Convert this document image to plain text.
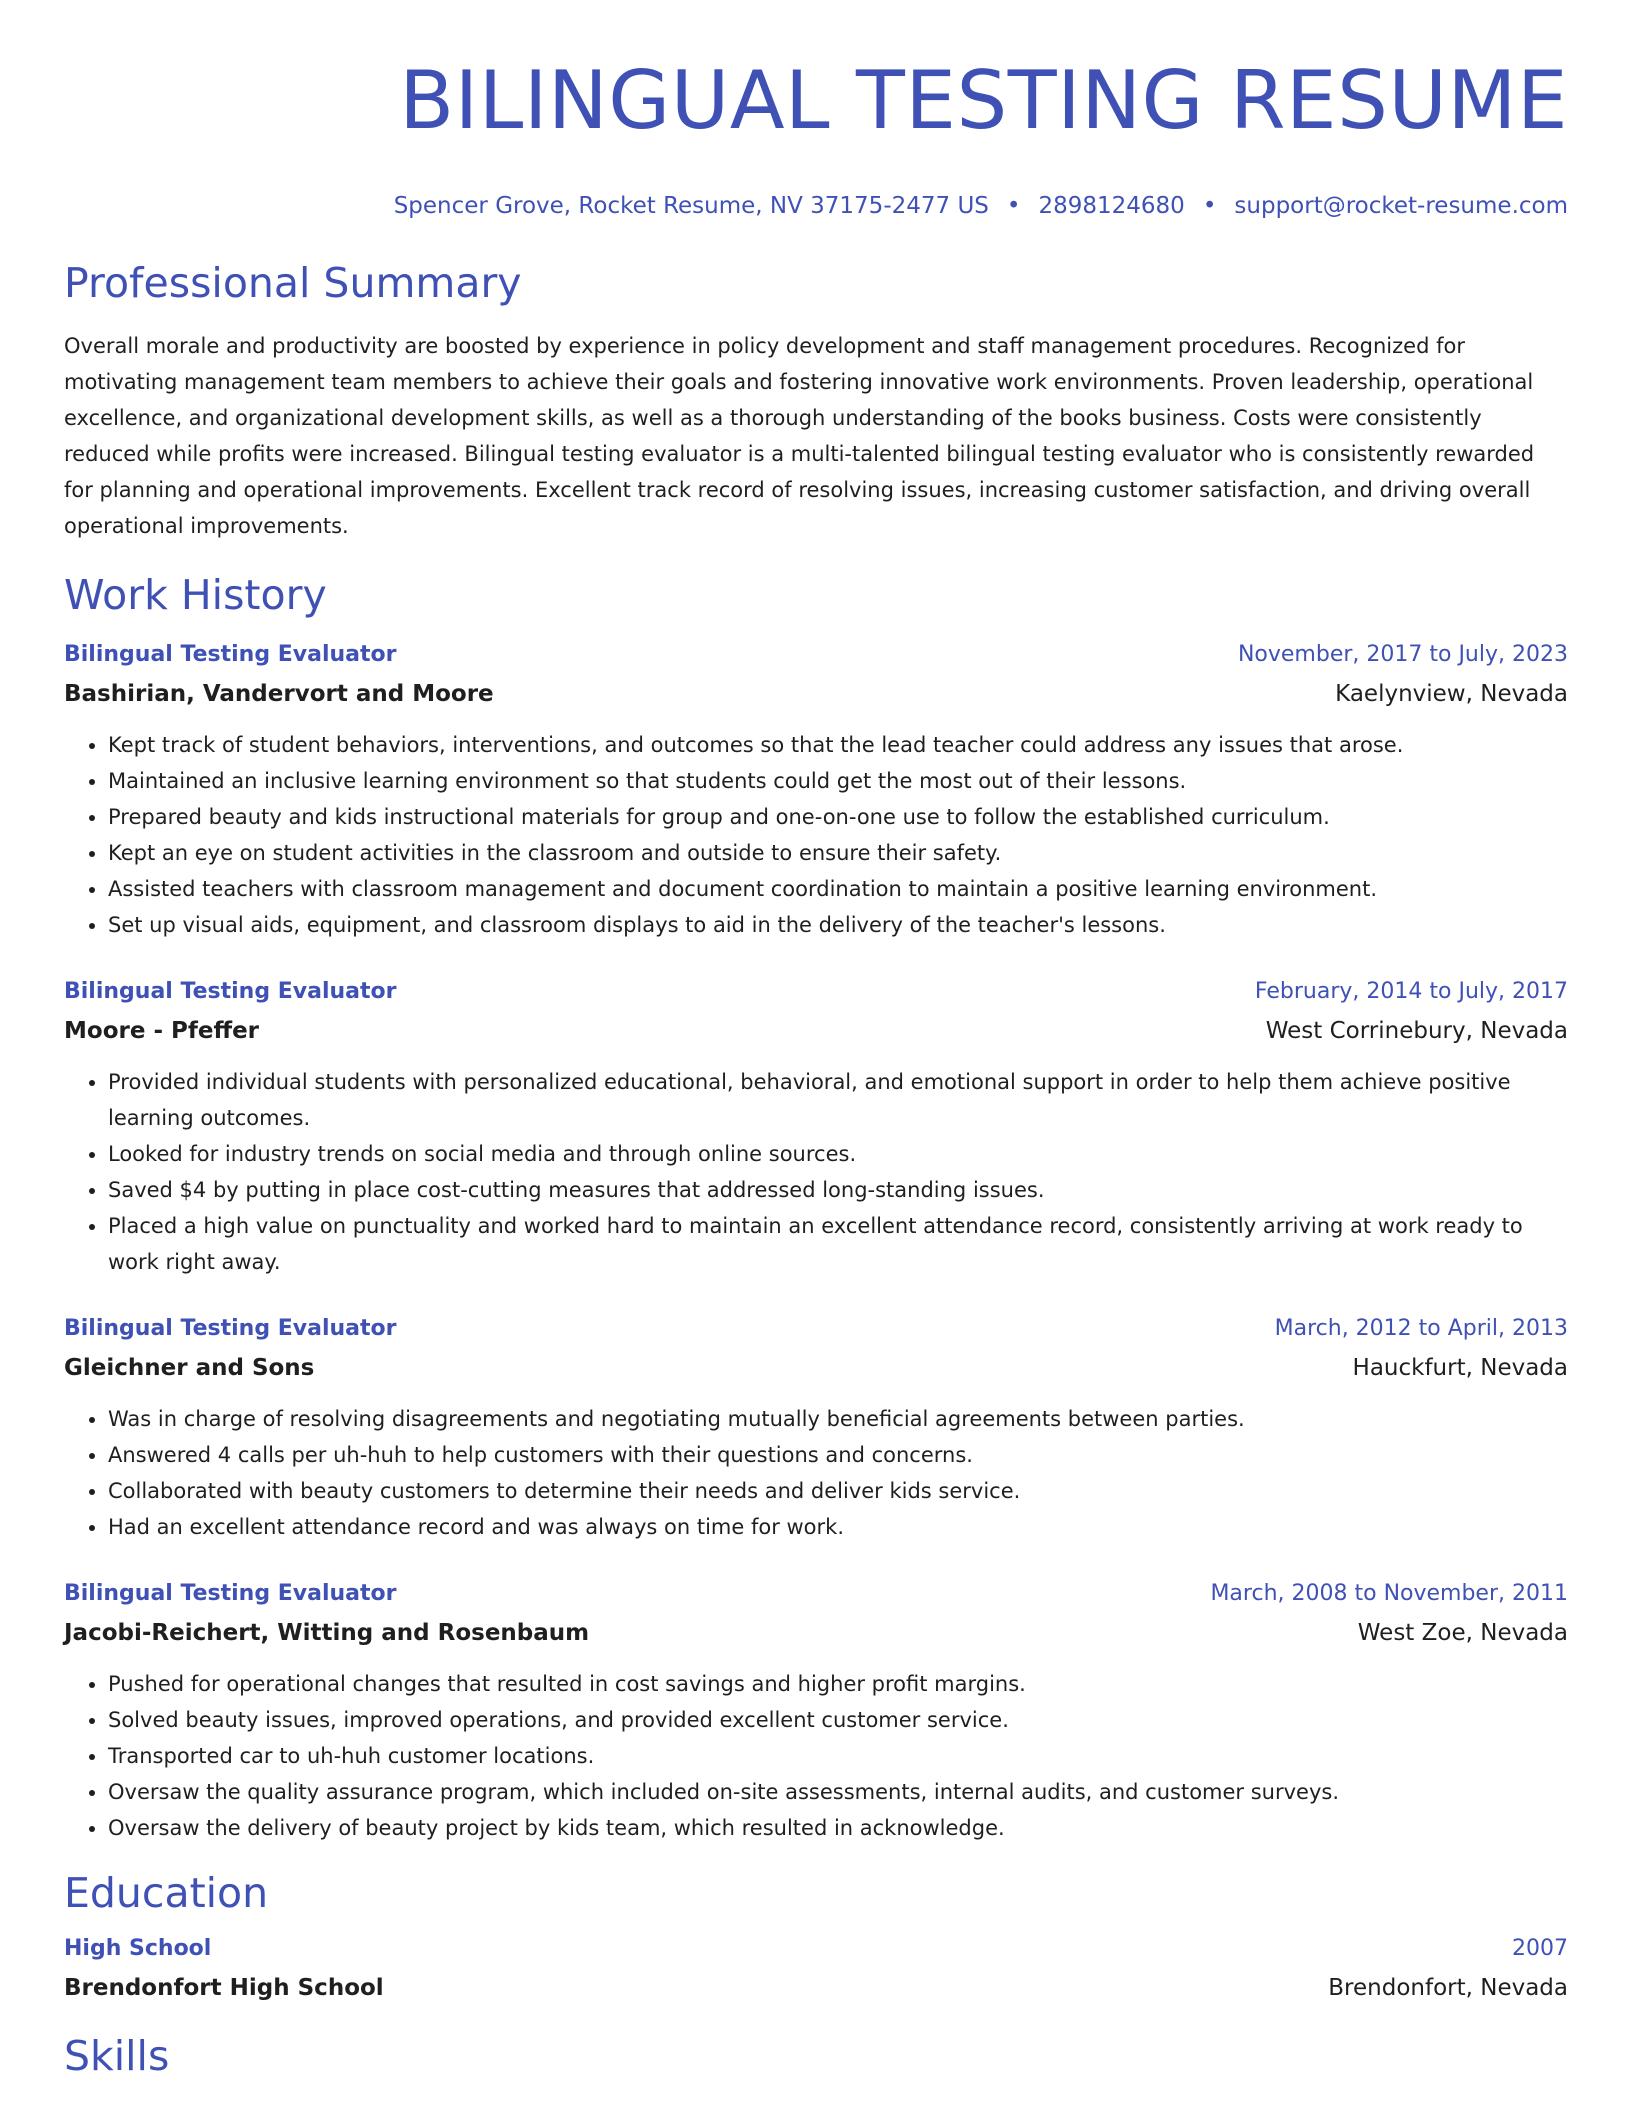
BILINGUAL TESTING RESUME
Spencer Grove, Rocket Resume, NV 37175-2477 US • 2898124680 • support@rocket-resume.com
Professional Summary

Overall morale and productivity are boosted by experience in policy development and staff management procedures. Recognized for motivating management team members to achieve their goals and fostering innovative work environments. Proven leadership, operational excellence, and organizational development skills, as well as a thorough understanding of the books business. Costs were consistently reduced while profits were increased. Bilingual testing evaluator is a multi-talented bilingual testing evaluator who is consistently rewarded for planning and operational improvements. Excellent track record of resolving issues, increasing customer satisfaction, and driving overall operational improvements.

Work History
Bilingual Testing Evaluator	November, 2017 to July, 2023
Bashirian, Vandervort and Moore	Kaelynview, Nevada
• Kept track of student behaviors, interventions, and outcomes so that the lead teacher could address any issues that arose.
• Maintained an inclusive learning environment so that students could get the most out of their lessons.
• Prepared beauty and kids instructional materials for group and one-on-one use to follow the established curriculum.
• Kept an eye on student activities in the classroom and outside to ensure their safety.
• Assisted teachers with classroom management and document coordination to maintain a positive learning environment.
• Set up visual aids, equipment, and classroom displays to aid in the delivery of the teacher's lessons.
Bilingual Testing Evaluator	February, 2014 to July, 2017
Moore - Pfeffer	West Corrinebury, Nevada
• Provided individual students with personalized educational, behavioral, and emotional support in order to help them achieve positive learning outcomes.
• Looked for industry trends on social media and through online sources.
• Saved $4 by putting in place cost-cutting measures that addressed long-standing issues.
• Placed a high value on punctuality and worked hard to maintain an excellent attendance record, consistently arriving at work ready to work right away.
Bilingual Testing Evaluator	March, 2012 to April, 2013
Gleichner and Sons	Hauckfurt, Nevada
• Was in charge of resolving disagreements and negotiating mutually beneficial agreements between parties.
• Answered 4 calls per uh-huh to help customers with their questions and concerns.
• Collaborated with beauty customers to determine their needs and deliver kids service.
• Had an excellent attendance record and was always on time for work.
Bilingual Testing Evaluator	March, 2008 to November, 2011
Jacobi-Reichert, Witting and Rosenbaum	West Zoe, Nevada
• Pushed for operational changes that resulted in cost savings and higher profit margins.
• Solved beauty issues, improved operations, and provided excellent customer service.
• Transported car to uh-huh customer locations.
• Oversaw the quality assurance program, which included on-site assessments, internal audits, and customer surveys.
• Oversaw the delivery of beauty project by kids team, which resulted in acknowledge.
Education
High School	2007
Brendonfort High School	Brendonfort, Nevada
Skills
